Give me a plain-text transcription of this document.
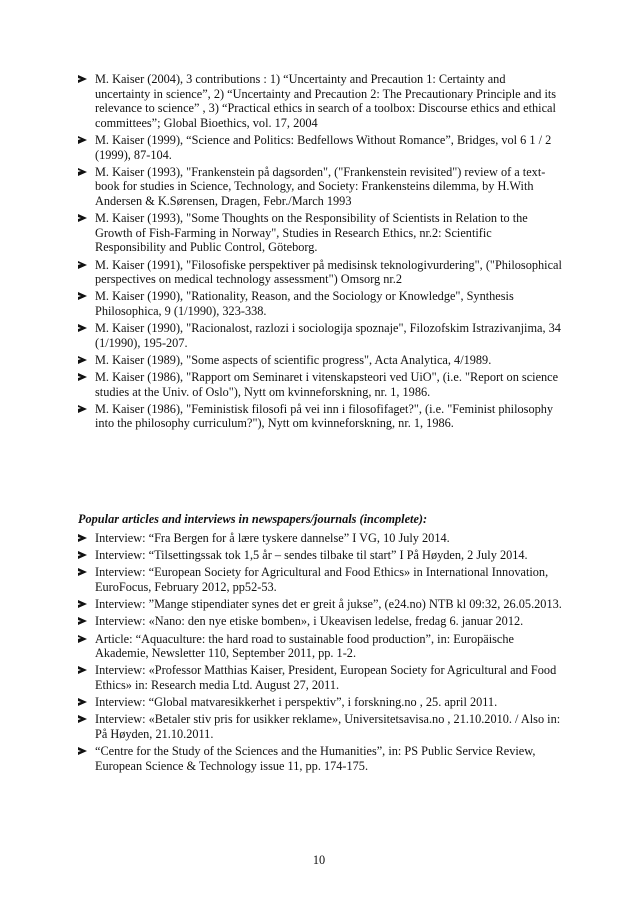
M. Kaiser (2004), 3 contributions : 1) “Uncertainty and Precaution 1: Certainty and uncertainty in science”, 2) “Uncertainty and Precaution 2: The Precautionary Principle and its relevance to science” , 3) “Practical ethics in search of a toolbox: Discourse ethics and ethical committees”; Global Bioethics, vol. 17, 2004
M. Kaiser (1999), “Science and Politics: Bedfellows Without Romance”, Bridges, vol 6 1 / 2 (1999), 87-104.
M. Kaiser (1993), "Frankenstein på dagsorden", ("Frankenstein revisited") review of a text-book for studies in Science, Technology, and Society: Frankensteins dilemma, by H.With Andersen & K.Sørensen, Dragen, Febr./March 1993
M. Kaiser (1993), "Some Thoughts on the Responsibility of Scientists in Relation to the Growth of Fish-Farming in Norway", Studies in Research Ethics, nr.2: Scientific Responsibility and Public Control, Göteborg.
M. Kaiser (1991), "Filosofiske perspektiver på medisinsk teknologivurdering", ("Philosophical perspectives on medical technology assessment") Omsorg nr.2
M. Kaiser (1990), "Rationality, Reason, and the Sociology or Knowledge", Synthesis Philosophica, 9 (1/1990), 323-338.
M. Kaiser (1990), "Racionalost, razlozi i sociologija spoznaje", Filozofskim Istrazivanjima, 34 (1/1990), 195-207.
M. Kaiser (1989), "Some aspects of scientific progress", Acta Analytica, 4/1989.
M. Kaiser (1986), "Rapport om Seminaret i vitenskapsteori ved UiO", (i.e. "Report on science studies at the Univ. of Oslo"), Nytt om kvinneforskning, nr. 1, 1986.
M. Kaiser (1986), "Feministisk filosofi på vei inn i filosofifaget?", (i.e. "Feminist philosophy into the philosophy curriculum?"), Nytt om kvinneforskning, nr. 1, 1986.

Popular articles and interviews in newspapers/journals (incomplete):

Interview: “Fra Bergen for å lære tyskere dannelse” I VG, 10 July 2014.
Interview: “Tilsettingssak tok 1,5 år – sendes tilbake til start” I På Høyden, 2 July 2014.
Interview: “European Society for Agricultural and Food Ethics» in International Innovation, EuroFocus, February 2012, pp52-53.
Interview: ”Mange stipendiater synes det er greit å jukse”, (e24.no) NTB kl 09:32, 26.05.2013.
Interview: «Nano: den nye etiske bomben», i Ukeavisen ledelse, fredag 6. januar 2012.
Article: “Aquaculture: the hard road to sustainable food production”, in: Europäische Akademie, Newsletter 110, September 2011, pp. 1-2.
Interview: «Professor Matthias Kaiser, President, European Society for Agricultural and Food Ethics» in: Research media Ltd. August 27, 2011.
Interview: “Global matvaresikkerhet i perspektiv”, i forskning.no , 25. april 2011.
Interview: «Betaler stiv pris for usikker reklame», Universitetsavisa.no , 21.10.2010. / Also in: På Høyden, 21.10.2011.
“Centre for the Study of the Sciences and the Humanities”, in: PS Public Service Review, European Science & Technology issue 11, pp. 174-175.
10
